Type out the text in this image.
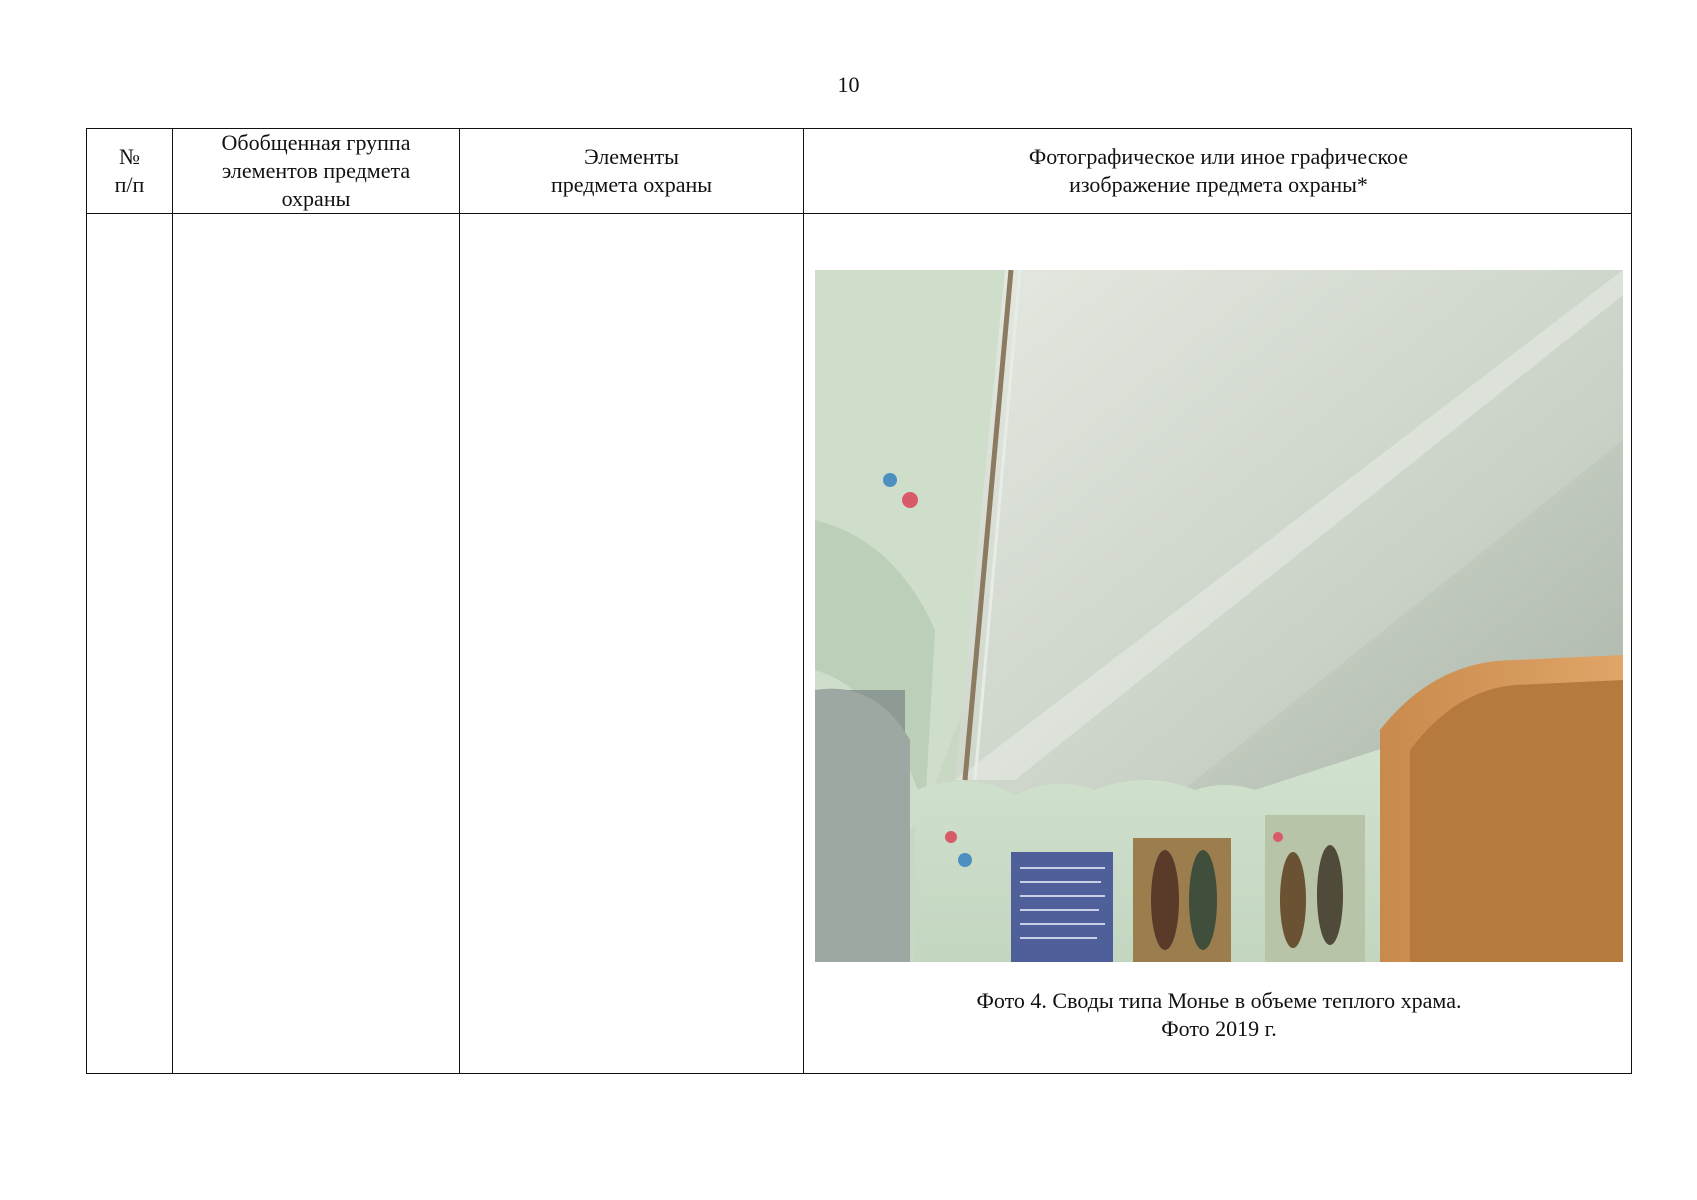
10
№
п/п
Обобщенная группа
элементов предмета
охраны
Элементы
предмета охраны
Фотографическое или иное графическое
изображение предмета охраны*
Фото 4. Своды типа Монье в объеме теплого храма.
Фото 2019 г.
